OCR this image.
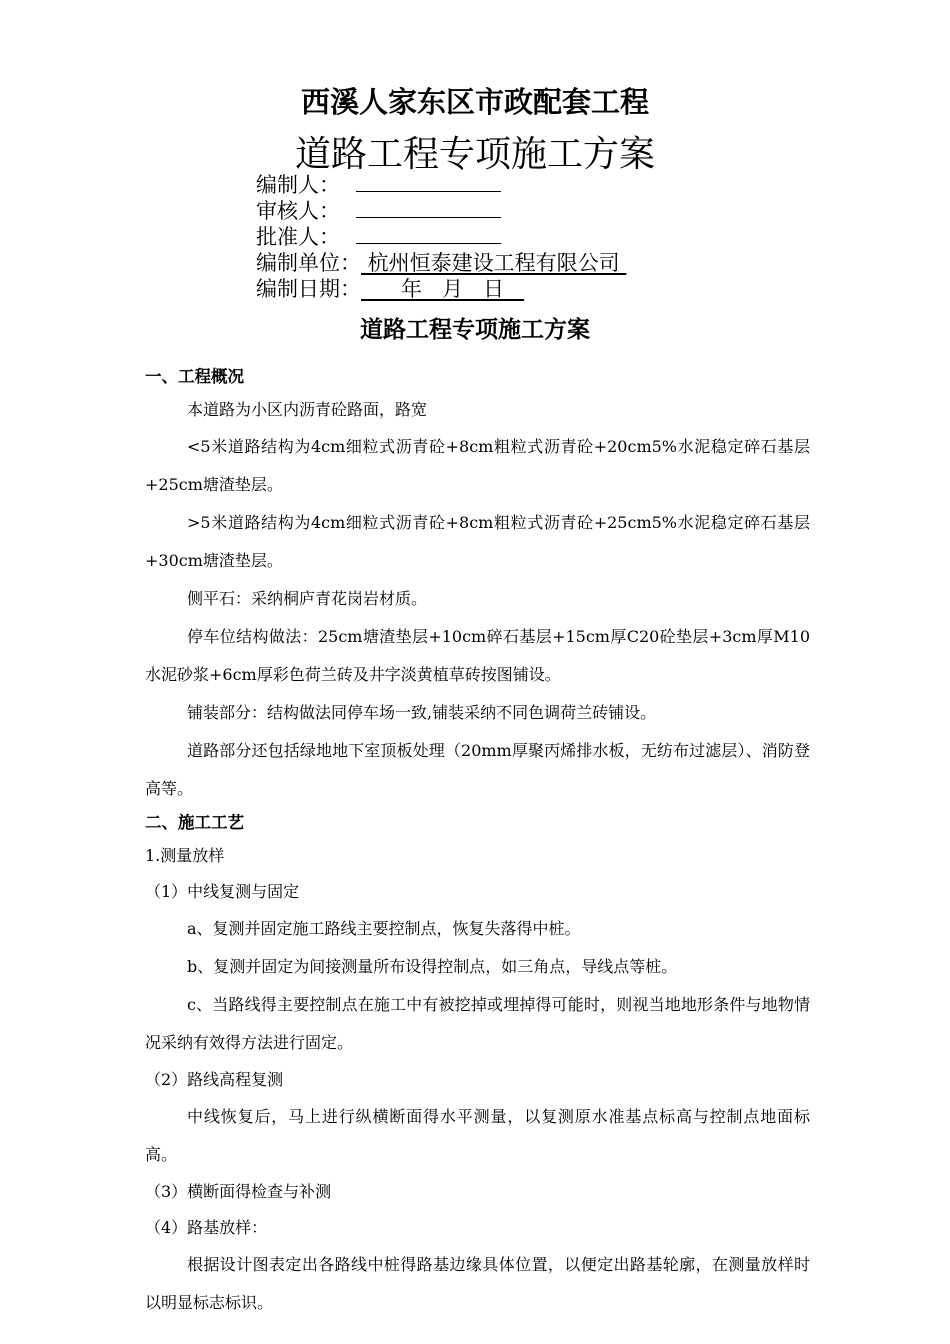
西溪人家东区市政配套工程
道路工程专项施工方案
编制人：
审核人：
批准人：
编制单位： 杭州恒泰建设工程有限公司
编制日期：      年   月   日
道路工程专项施工方案
一、工程概况
本道路为小区内沥青砼路面，路宽
<5米道路结构为4cm细粒式沥青砼+8cm粗粒式沥青砼+20cm5%水泥稳定碎石基层+25cm塘渣垫层。
>5米道路结构为4cm细粒式沥青砼+8cm粗粒式沥青砼+25cm5%水泥稳定碎石基层+30cm塘渣垫层。
侧平石：采纳桐庐青花岗岩材质。
停车位结构做法：25cm塘渣垫层+10cm碎石基层+15cm厚C20砼垫层+3cm厚M10水泥砂浆+6cm厚彩色荷兰砖及井字淡黄植草砖按图铺设。
铺装部分：结构做法同停车场一致,铺装采纳不同色调荷兰砖铺设。
道路部分还包括绿地地下室顶板处理（20mm厚聚丙烯排水板，无纺布过滤层）、消防登高等。
二、施工工艺
1.测量放样
（1）中线复测与固定
a、复测并固定施工路线主要控制点，恢复失落得中桩。
b、复测并固定为间接测量所布设得控制点，如三角点，导线点等桩。
c、当路线得主要控制点在施工中有被挖掉或埋掉得可能时，则视当地地形条件与地物情况采纳有效得方法进行固定。
（2）路线高程复测
中线恢复后，马上进行纵横断面得水平测量，以复测原水准基点标高与控制点地面标高。
（3）横断面得检查与补测
（4）路基放样：
根据设计图表定出各路线中桩得路基边缘具体位置，以便定出路基轮廓，在测量放样时以明显标志标识。
